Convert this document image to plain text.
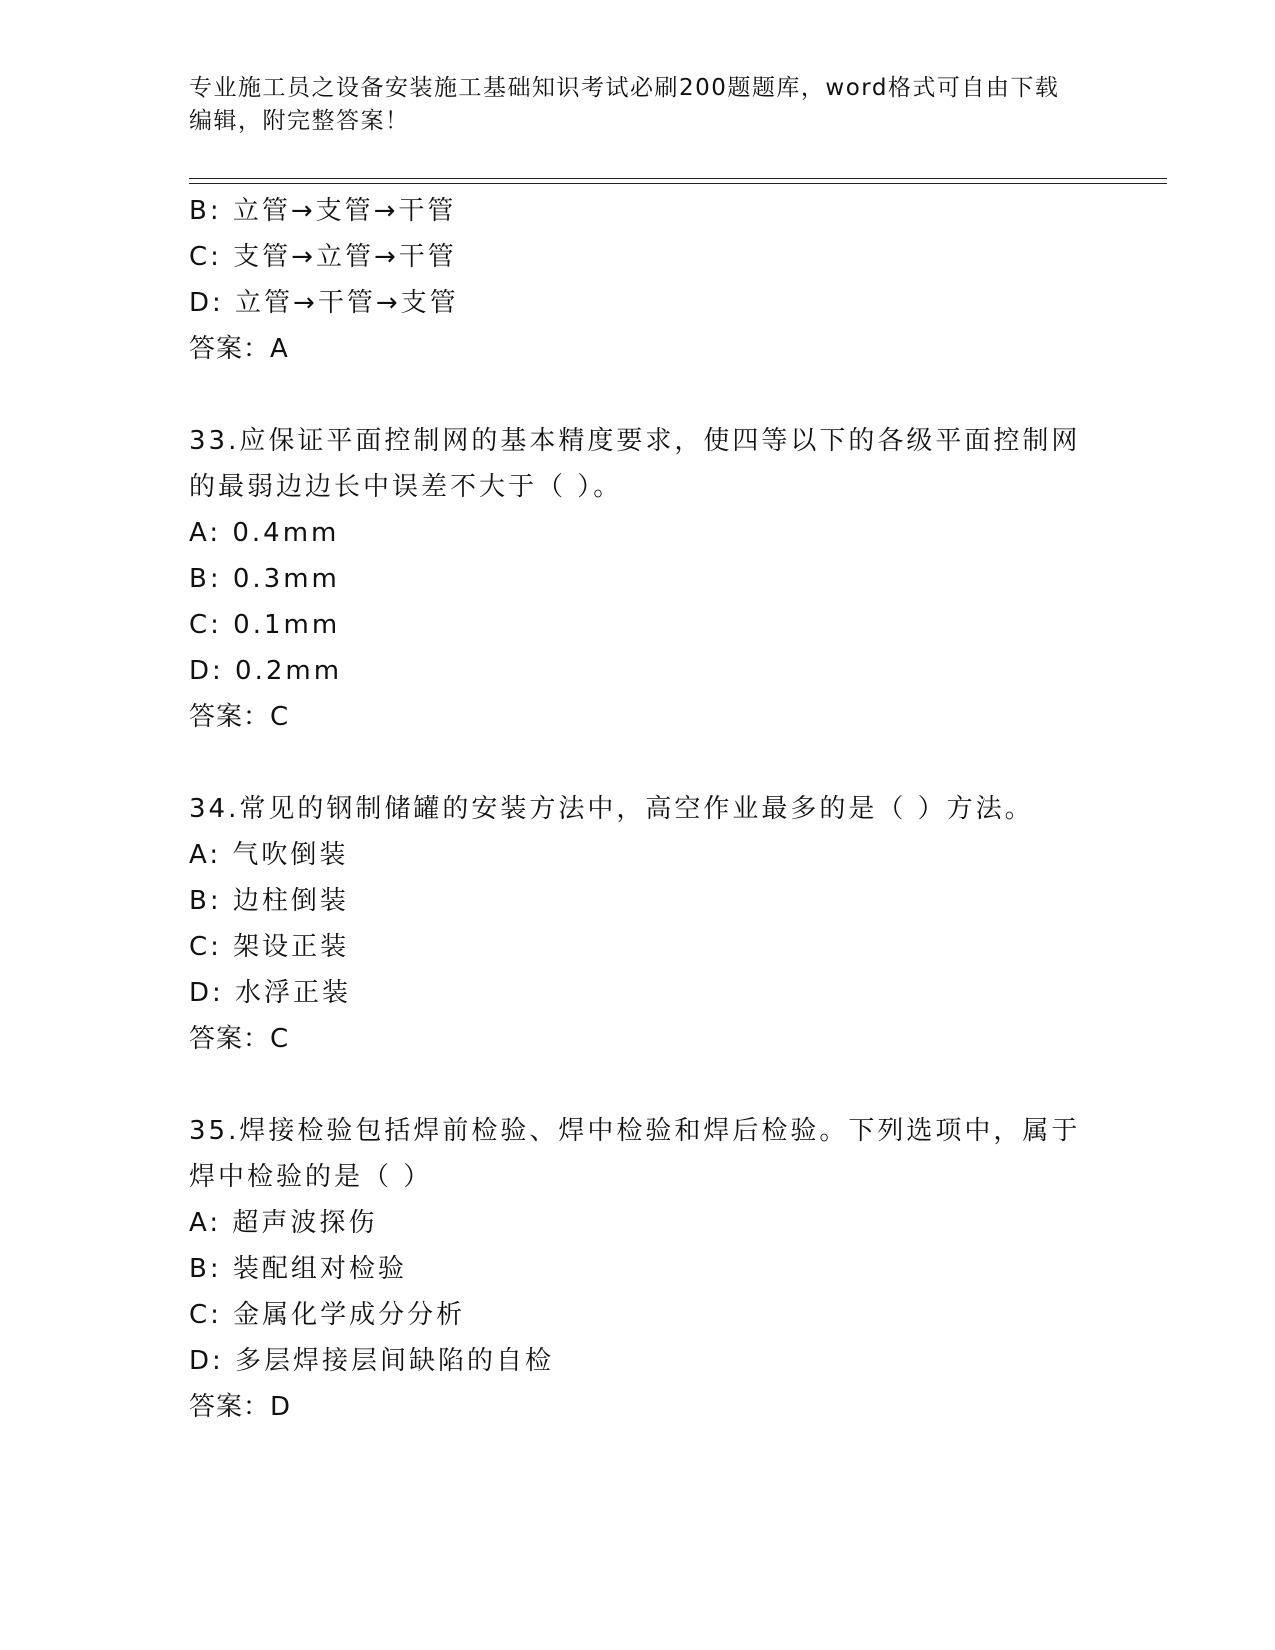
专业施工员之设备安装施工基础知识考试必刷200题题库，word格式可自由下载
编辑，附完整答案！
B: 立管→支管→干管
C: 支管→立管→干管
D: 立管→干管→支管
答案：A
33.应保证平面控制网的基本精度要求，使四等以下的各级平面控制网
的最弱边边长中误差不大于（ ）。
A: 0.4mm
B: 0.3mm
C: 0.1mm
D: 0.2mm
答案：C
34.常见的钢制储罐的安装方法中，高空作业最多的是（ ）方法。
A: 气吹倒装
B: 边柱倒装
C: 架设正装
D: 水浮正装
答案：C
35.焊接检验包括焊前检验、焊中检验和焊后检验。下列选项中，属于
焊中检验的是（ ）
A: 超声波探伤
B: 装配组对检验
C: 金属化学成分分析
D: 多层焊接层间缺陷的自检
答案：D
